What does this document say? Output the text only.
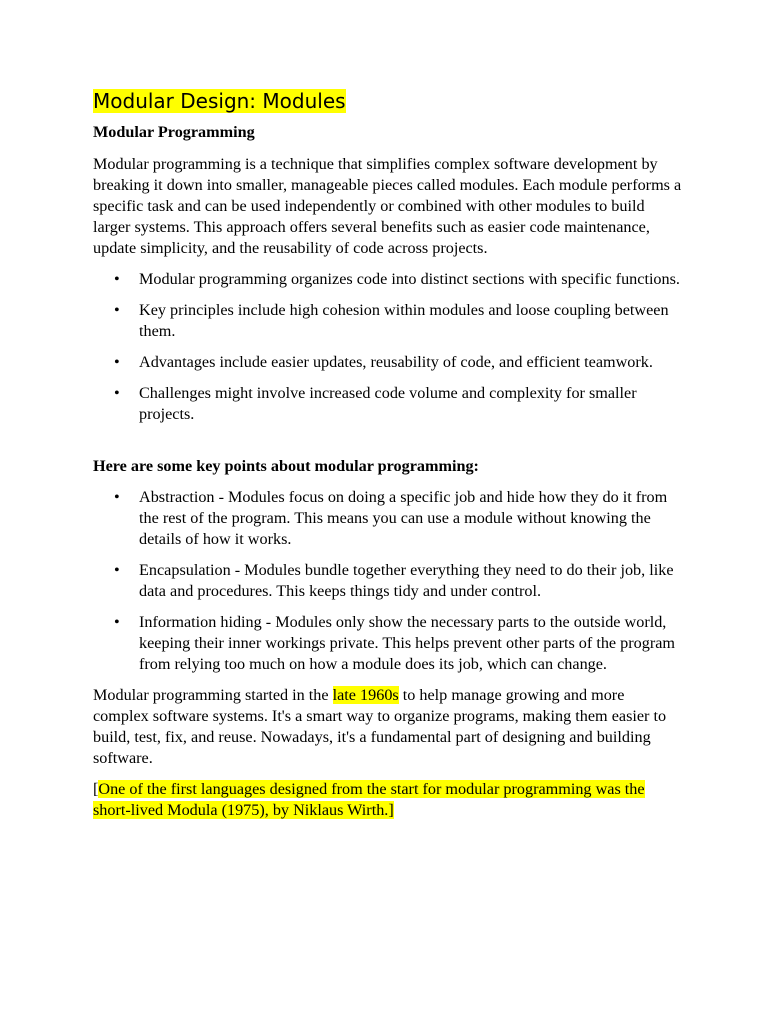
Modular Design: Modules
Modular Programming

Modular programming is a technique that simplifies complex software development by breaking it down into smaller, manageable pieces called modules. Each module performs a specific task and can be used independently or combined with other modules to build larger systems. This approach offers several benefits such as easier code maintenance, update simplicity, and the reusability of code across projects.

• Modular programming organizes code into distinct sections with specific functions.
• Key principles include high cohesion within modules and loose coupling between them.
• Advantages include easier updates, reusability of code, and efficient teamwork.
• Challenges might involve increased code volume and complexity for smaller projects.
Here are some key points about modular programming:
• Abstraction - Modules focus on doing a specific job and hide how they do it from the rest of the program. This means you can use a module without knowing the details of how it works.
• Encapsulation - Modules bundle together everything they need to do their job, like data and procedures. This keeps things tidy and under control.
• Information hiding - Modules only show the necessary parts to the outside world, keeping their inner workings private. This helps prevent other parts of the program from relying too much on how a module does its job, which can change.

Modular programming started in the late 1960s to help manage growing and more complex software systems. It's a smart way to organize programs, making them easier to build, test, fix, and reuse. Nowadays, it's a fundamental part of designing and building software.

[One of the first languages designed from the start for modular programming was the short-lived Modula (1975), by Niklaus Wirth.]
